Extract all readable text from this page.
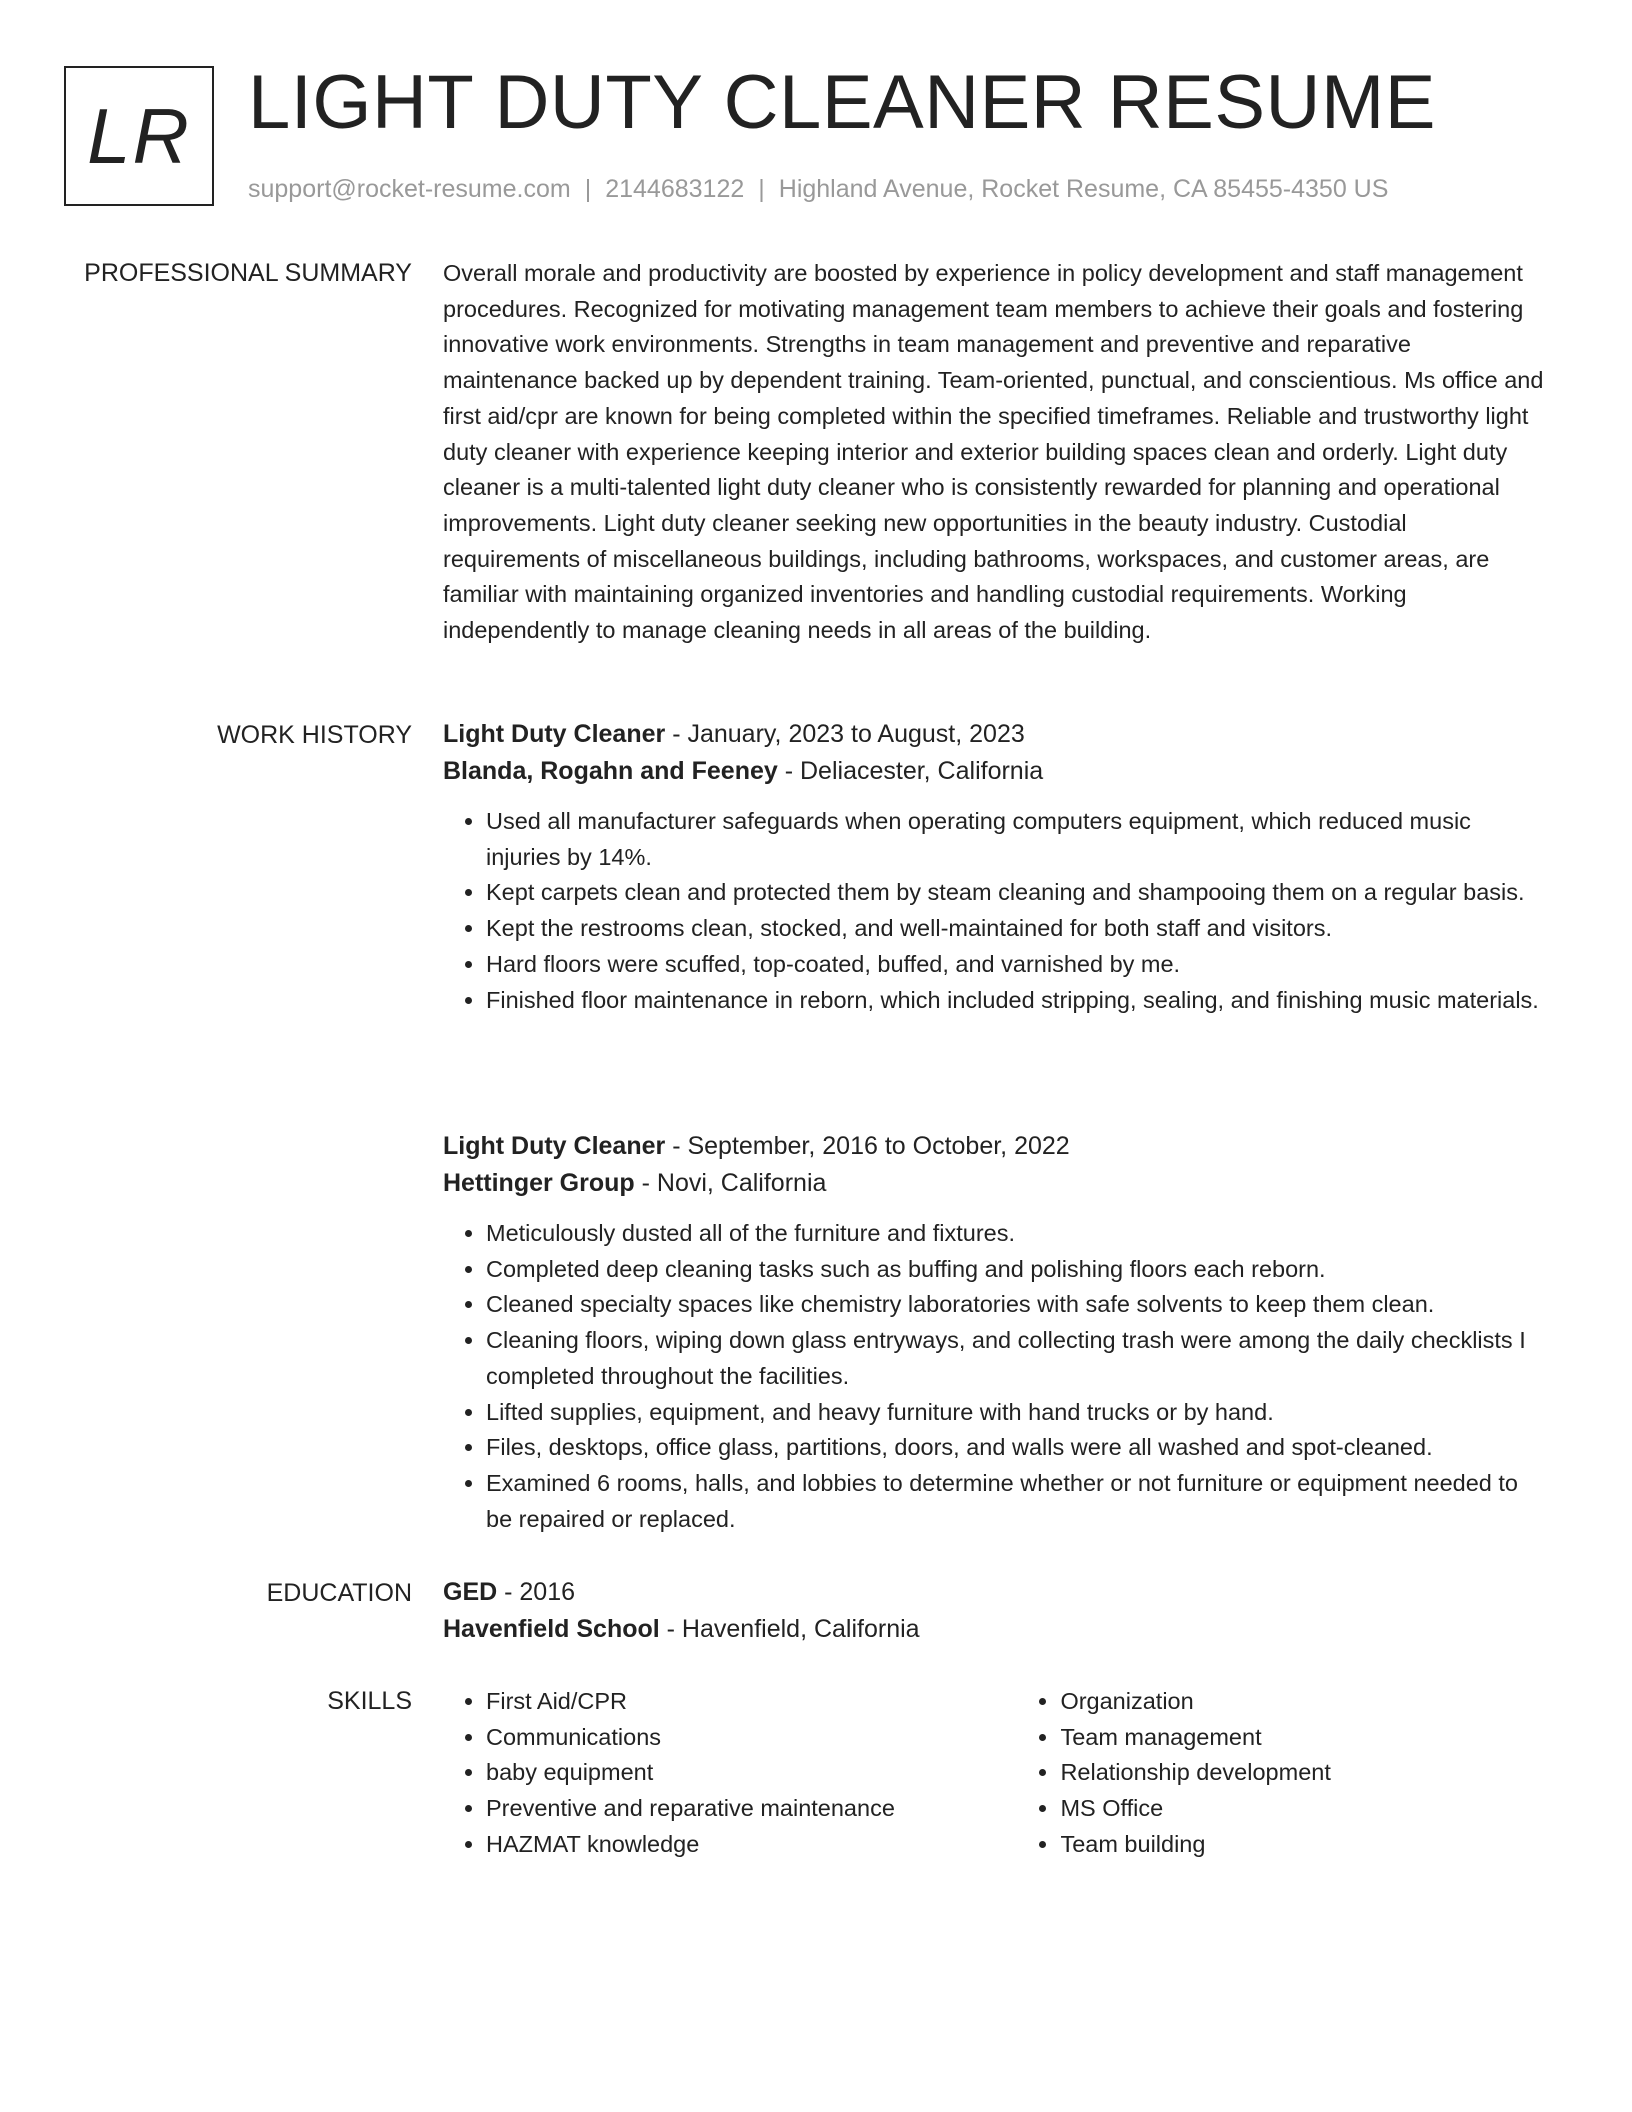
LR LIGHT DUTY CLEANER RESUME
support@rocket-resume.com | 2144683122 | Highland Avenue, Rocket Resume, CA 85455-4350 US
PROFESSIONAL SUMMARY Overall morale and productivity are boosted by experience in policy development and staff management procedures. Recognized for motivating management team members to achieve their goals and fostering innovative work environments. Strengths in team management and preventive and reparative maintenance backed up by dependent training. Team-oriented, punctual, and conscientious. Ms office and first aid/cpr are known for being completed within the specified timeframes. Reliable and trustworthy light duty cleaner with experience keeping interior and exterior building spaces clean and orderly. Light duty cleaner is a multi-talented light duty cleaner who is consistently rewarded for planning and operational improvements. Light duty cleaner seeking new opportunities in the beauty industry. Custodial requirements of miscellaneous buildings, including bathrooms, workspaces, and customer areas, are familiar with maintaining organized inventories and handling custodial requirements. Working independently to manage cleaning needs in all areas of the building.

WORK HISTORY Light Duty Cleaner - January, 2023 to August, 2023
Blanda, Rogahn and Feeney - Deliacester, California
• Used all manufacturer safeguards when operating computers equipment, which reduced music injuries by 14%.
• Kept carpets clean and protected them by steam cleaning and shampooing them on a regular basis.
• Kept the restrooms clean, stocked, and well-maintained for both staff and visitors.
• Hard floors were scuffed, top-coated, buffed, and varnished by me.
• Finished floor maintenance in reborn, which included stripping, sealing, and finishing music materials.
Light Duty Cleaner - September, 2016 to October, 2022
Hettinger Group - Novi, California
• Meticulously dusted all of the furniture and fixtures.
• Completed deep cleaning tasks such as buffing and polishing floors each reborn.
• Cleaned specialty spaces like chemistry laboratories with safe solvents to keep them clean.
• Cleaning floors, wiping down glass entryways, and collecting trash were among the daily checklists I completed throughout the facilities.
• Lifted supplies, equipment, and heavy furniture with hand trucks or by hand.
• Files, desktops, office glass, partitions, doors, and walls were all washed and spot-cleaned.
• Examined 6 rooms, halls, and lobbies to determine whether or not furniture or equipment needed to be repaired or replaced.
EDUCATION GED - 2016
Havenfield School - Havenfield, California
SKILLS
•	First Aid/CPR
• Communications
• baby equipment
• Preventive and reparative maintenance
• HAZMAT knowledge
• Organization
• Team management
• Relationship development
• MS Office
• Team building
